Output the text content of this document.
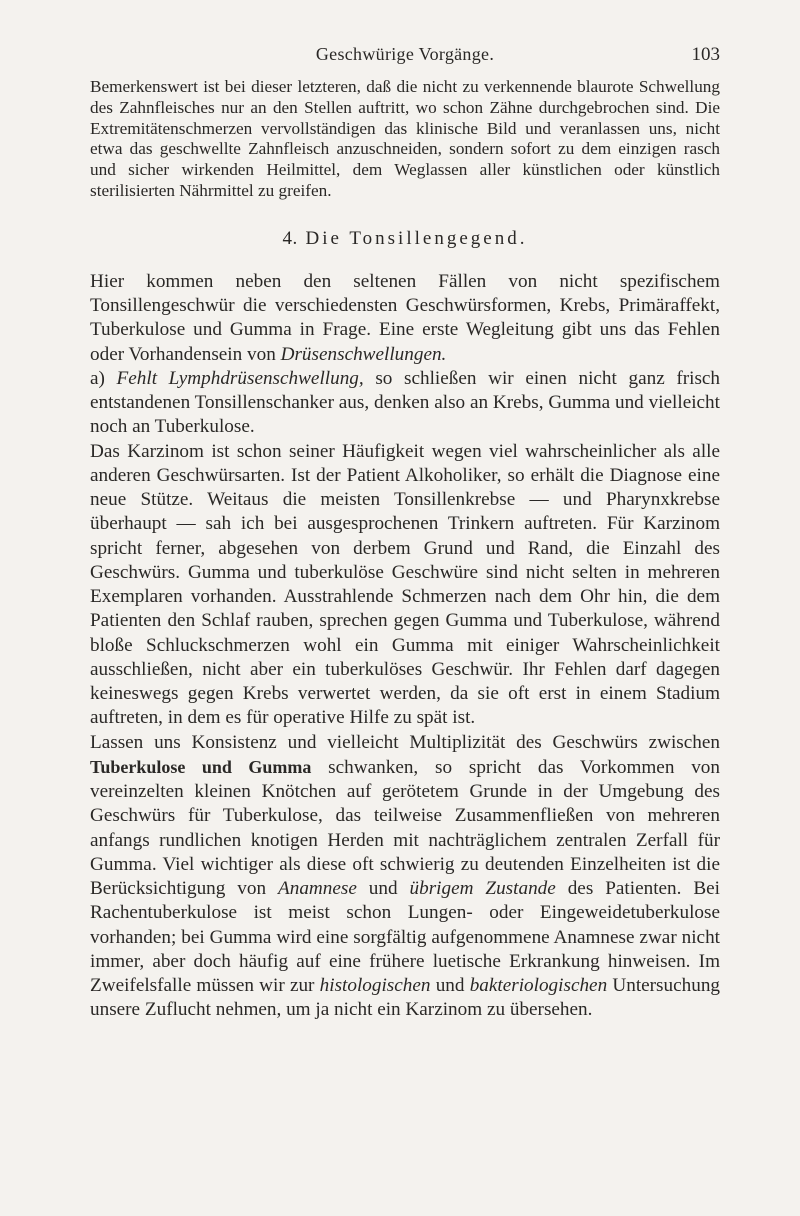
Geschwürige Vorgänge.	103

Bemerkenswert ist bei dieser letzteren, daß die nicht zu verkennende blaurote Schwellung des Zahnfleisches nur an den Stellen auftritt, wo schon Zähne durchgebrochen sind. Die Extremitätenschmerzen vervollständigen das klinische Bild und veranlassen uns, nicht etwa das geschwellte Zahnfleisch anzuschneiden, sondern sofort zu dem einzigen rasch und sicher wirkenden Heilmittel, dem Weglassen aller künstlichen oder künstlich sterilisierten Nährmittel zu greifen.

4. Die Tonsillengegend.

Hier kommen neben den seltenen Fällen von nicht spezifischem Tonsillengeschwür die verschiedensten Geschwürsformen, Krebs, Primäraffekt, Tuberkulose und Gumma in Frage. Eine erste Wegleitung gibt uns das Fehlen oder Vorhandensein von Drüsenschwellungen.

a) Fehlt Lymphdrüsenschwellung, so schließen wir einen nicht ganz frisch entstandenen Tonsillenschanker aus, denken also an Krebs, Gumma und vielleicht noch an Tuberkulose.

Das Karzinom ist schon seiner Häufigkeit wegen viel wahrscheinlicher als alle anderen Geschwürsarten. Ist der Patient Alkoholiker, so erhält die Diagnose eine neue Stütze. Weitaus die meisten Tonsillenkrebse — und Pharynxkrebse überhaupt — sah ich bei ausgesprochenen Trinkern auftreten. Für Karzinom spricht ferner, abgesehen von derbem Grund und Rand, die Einzahl des Geschwürs. Gumma und tuberkulöse Geschwüre sind nicht selten in mehreren Exemplaren vorhanden. Ausstrahlende Schmerzen nach dem Ohr hin, die dem Patienten den Schlaf rauben, sprechen gegen Gumma und Tuberkulose, während bloße Schluckschmerzen wohl ein Gumma mit einiger Wahrscheinlichkeit ausschließen, nicht aber ein tuberkulöses Geschwür. Ihr Fehlen darf dagegen keineswegs gegen Krebs verwertet werden, da sie oft erst in einem Stadium auftreten, in dem es für operative Hilfe zu spät ist.

Lassen uns Konsistenz und vielleicht Multiplizität des Geschwürs zwischen Tuberkulose und Gumma schwanken, so spricht das Vorkommen von vereinzelten kleinen Knötchen auf gerötetem Grunde in der Umgebung des Geschwürs für Tuberkulose, das teilweise Zusammenfließen von mehreren anfangs rundlichen knotigen Herden mit nachträglichem zentralen Zerfall für Gumma. Viel wichtiger als diese oft schwierig zu deutenden Einzelheiten ist die Berücksichtigung von Anamnese und übrigem Zustande des Patienten. Bei Rachentuberkulose ist meist schon Lungen- oder Eingeweidetuberkulose vorhanden; bei Gumma wird eine sorgfältig aufgenommene Anamnese zwar nicht immer, aber doch häufig auf eine frühere luetische Erkrankung hinweisen. Im Zweifelsfalle müssen wir zur histologischen und bakteriologischen Untersuchung unsere Zuflucht nehmen, um ja nicht ein Karzinom zu übersehen.
